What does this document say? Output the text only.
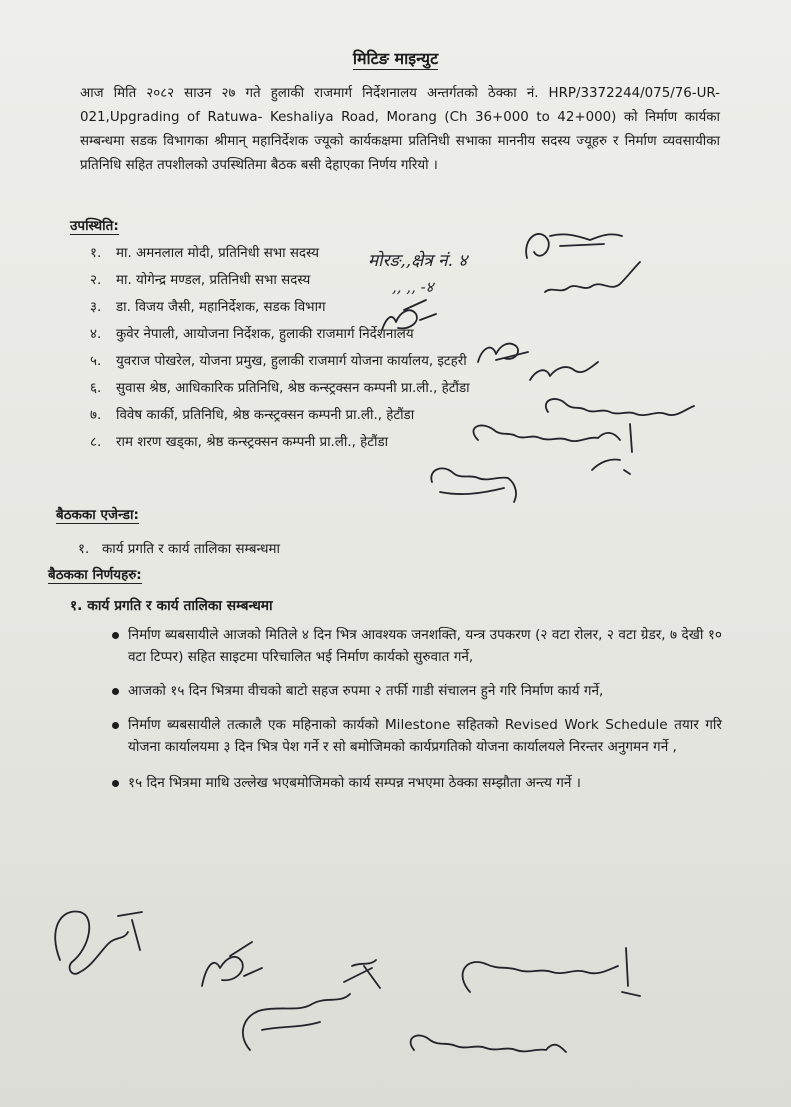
मिटिङ माइन्युट
आज मिति २०८२ साउन २७ गते हुलाकी राजमार्ग निर्देशनालय अन्तर्गतको ठेक्का नं. HRP/3372244/075/76-UR-021,Upgrading of Ratuwa- Keshaliya Road, Morang (Ch 36+000 to 42+000) को निर्माण कार्यका सम्बन्धमा सडक विभागका श्रीमान् महानिर्देशक ज्यूको कार्यकक्षमा प्रतिनिधी सभाका माननीय सदस्य ज्यूहरु र निर्माण व्यवसायीका प्रतिनिधि सहित तपशीलको उपस्थितिमा बैठक बसी देहाएका निर्णय गरियो ।
उपस्थिति:
१. मा. अमनलाल मोदी, प्रतिनिधी सभा सदस्य
२. मा. योगेन्द्र मण्डल, प्रतिनिधी सभा सदस्य
३. डा. विजय जैसी, महानिर्देशक, सडक विभाग
४. कुवेर नेपाली, आयोजना निर्देशक, हुलाकी राजमार्ग निर्देशनालय
५. युवराज पोखरेल, योजना प्रमुख, हुलाकी राजमार्ग योजना कार्यालय, इटहरी
६. सुवास श्रेष्ठ, आधिकारिक प्रतिनिधि, श्रेष्ठ कन्स्ट्रक्सन कम्पनी प्रा.ली., हेटौंडा
७. विवेष कार्की, प्रतिनिधि, श्रेष्ठ कन्स्ट्रक्सन कम्पनी प्रा.ली., हेटौंडा
८. राम शरण खड्का, श्रेष्ठ कन्स्ट्रक्सन कम्पनी प्रा.ली., हेटौंडा
बैठकका एजेन्डा:
१. कार्य प्रगति र कार्य तालिका सम्बन्धमा
बैठकका निर्णयहरु:
१. कार्य प्रगति र कार्य तालिका सम्बन्धमा
निर्माण ब्यबसायीले आजको मितिले ४ दिन भित्र आवश्यक जनशक्ति, यन्त्र उपकरण (२ वटा रोलर, २ वटा ग्रेडर, ७ देखी १० वटा टिप्पर) सहित साइटमा परिचालित भई निर्माण कार्यको सुरुवात गर्ने,
आजको १५ दिन भित्रमा वीचको बाटो सहज रुपमा २ तर्फी गाडी संचालन हुने गरि निर्माण कार्य गर्ने,
निर्माण ब्यबसायीले तत्कालै एक महिनाको कार्यको Milestone सहितको Revised Work Schedule तयार गरि योजना कार्यालयमा ३ दिन भित्र पेश गर्ने र सो बमोजिमको कार्यप्रगतिको योजना कार्यालयले निरन्तर अनुगमन गर्ने ,
१५ दिन भित्रमा माथि उल्लेख भएबमोजिमको कार्य सम्पन्न नभएमा ठेक्का सम्झौता अन्त्य गर्ने ।
मोरङ,,क्षेत्र नं. ४
,, ,, -४
